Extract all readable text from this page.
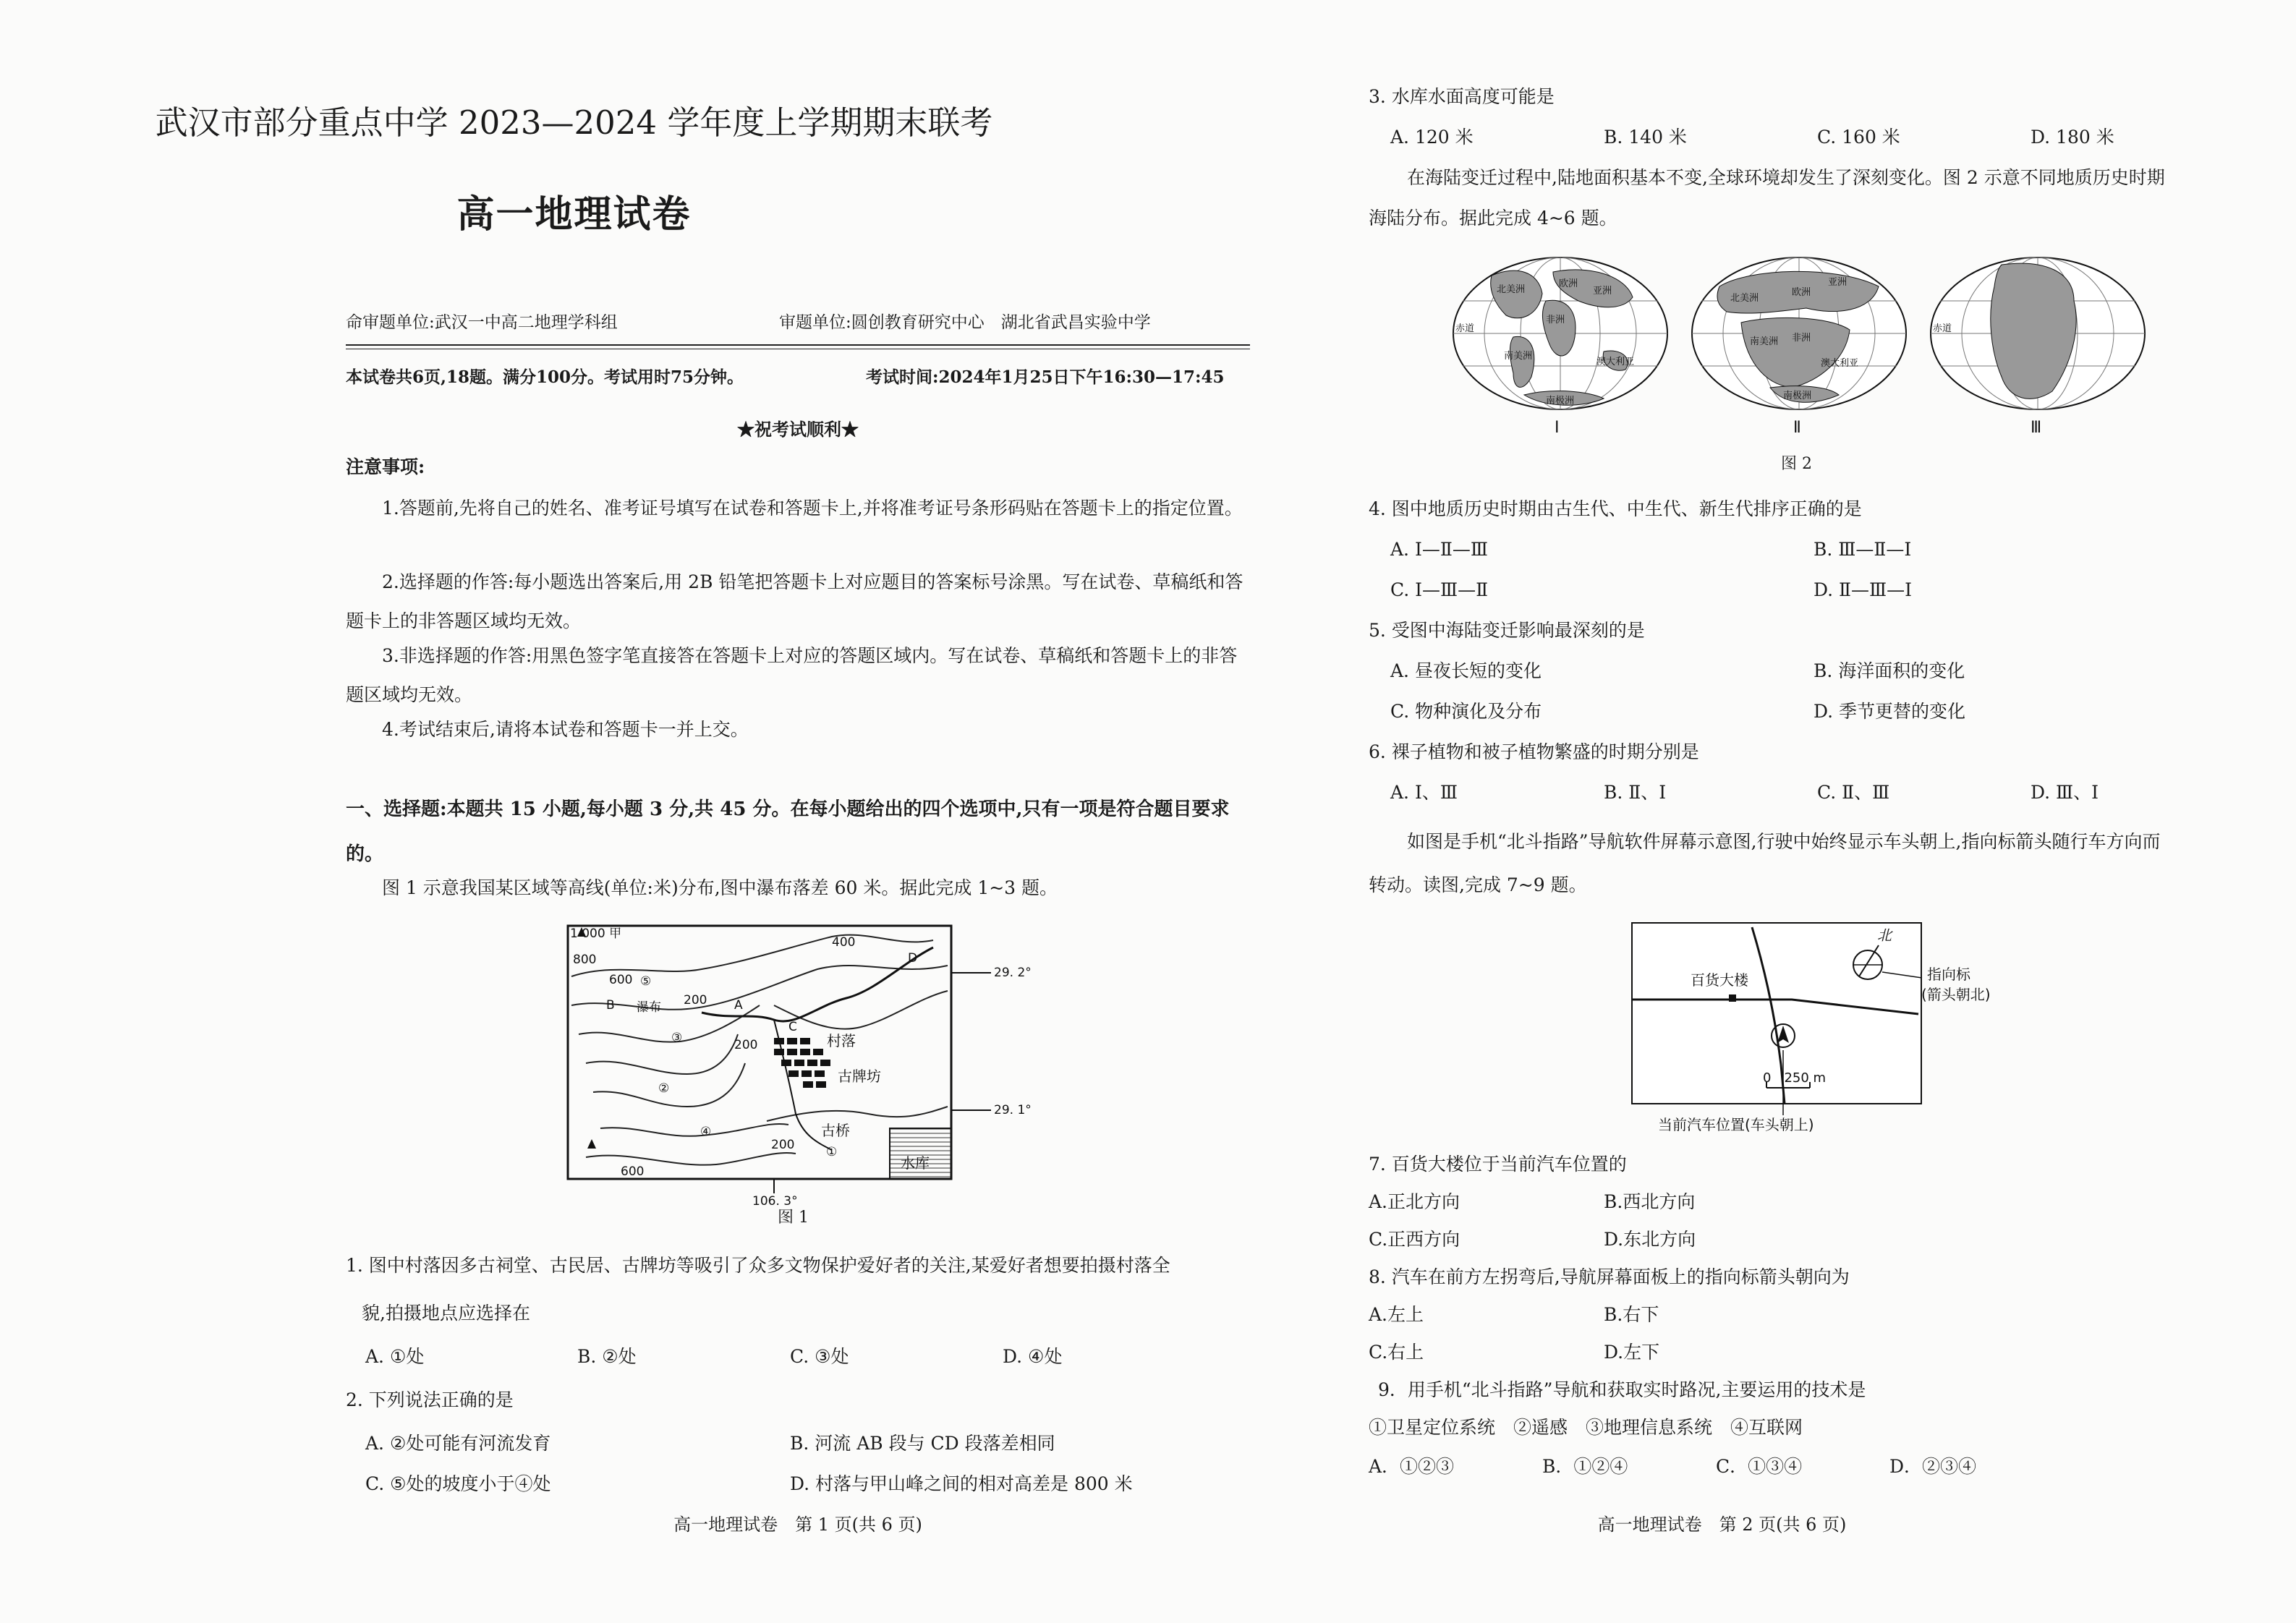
武汉市部分重点中学 2023—2024 学年度上学期期末联考
高一地理试卷
命审题单位:武汉一中高二地理学科组	审题单位:圆创教育研究中心　湖北省武昌实验中学
本试卷共6页,18题。满分100分。考试用时75分钟。	考试时间:2024年1月25日下午16:30—17:45
★祝考试顺利★
注意事项:
1.答题前,先将自己的姓名、准考证号填写在试卷和答题卡上,并将准考证号条形码贴在答题卡上的指定位置。
2.选择题的作答:每小题选出答案后,用 2B 铅笔把答题卡上对应题目的答案标号涂黑。写在试卷、草稿纸和答题卡上的非答题区域均无效。
3.非选择题的作答:用黑色签字笔直接答在答题卡上对应的答题区域内。写在试卷、草稿纸和答题卡上的非答题区域均无效。
4.考试结束后,请将本试卷和答题卡一并上交。
一、选择题:本题共 15 小题,每小题 3 分,共 45 分。在每小题给出的四个选项中,只有一项是符合题目要求的。
图 1 示意我国某区域等高线(单位:米)分布,图中瀑布落差 60 米。据此完成 1~3 题。
1 000 甲
800
600 ⑤
400
200
B 瀑布	A
C
D
③	200
②
④
200
600
①
村落
古牌坊
古桥
水库
29. 2°
29. 1°
106. 3°
图 1
1. 图中村落因多古祠堂、古民居、古牌坊等吸引了众多文物保护爱好者的关注,某爱好者想要拍摄村落全
貌,拍摄地点应选择在
A. ①处	B. ②处	C. ③处	D. ④处
2. 下列说法正确的是
A. ②处可能有河流发育	B. 河流 AB 段与 CD 段落差相同
C. ⑤处的坡度小于④处	D. 村落与甲山峰之间的相对高差是 800 米
高一地理试卷　第 1 页(共 6 页)
3. 水库水面高度可能是
A. 120 米	B. 140 米	C. 160 米	D. 180 米
在海陆变迁过程中,陆地面积基本不变,全球环境却发生了深刻变化。图 2 示意不同地质历史时期
海陆分布。据此完成 4~6 题。
北美洲
欧洲
亚洲
非洲
南美洲
澳大利亚
南极洲
赤道
Ⅰ
亚洲
欧洲
北美洲
非洲
南美洲
澳大利亚
南极洲
Ⅱ
赤道
Ⅲ
图 2
4. 图中地质历史时期由古生代、中生代、新生代排序正确的是
A. Ⅰ—Ⅱ—Ⅲ	B. Ⅲ—Ⅱ—Ⅰ
C. Ⅰ—Ⅲ—Ⅱ	D. Ⅱ—Ⅲ—Ⅰ
5. 受图中海陆变迁影响最深刻的是
A. 昼夜长短的变化	B. 海洋面积的变化
C. 物种演化及分布	D. 季节更替的变化
6. 裸子植物和被子植物繁盛的时期分别是
A. Ⅰ、Ⅲ	B. Ⅱ、Ⅰ	C. Ⅱ、Ⅲ	D. Ⅲ、Ⅰ
如图是手机“北斗指路”导航软件屏幕示意图,行驶中始终显示车头朝上,指向标箭头随行车方向而
转动。读图,完成 7~9 题。
北
百货大楼	指向标
(箭头朝北)
0　250 m
当前汽车位置(车头朝上)
7. 百货大楼位于当前汽车位置的
A.正北方向	B.西北方向
C.正西方向	D.东北方向
8. 汽车在前方左拐弯后,导航屏幕面板上的指向标箭头朝向为
A.左上	B.右下
C.右上	D.左下
9．用手机“北斗指路”导航和获取实时路况,主要运用的技术是
①卫星定位系统　②遥感　③地理信息系统　④互联网
A．①②③	B．①②④	C．①③④	D．②③④
高一地理试卷　第 2 页(共 6 页)
